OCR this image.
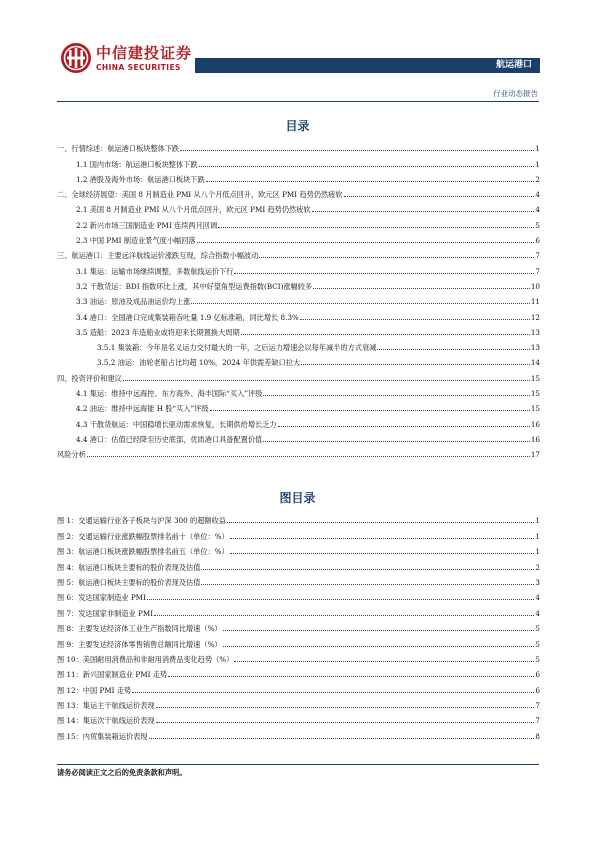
中信建投证券
CHINA SECURITIES	航运港口
行业动态报告
目录
一、行情综述：航运港口板块整体下跌	1
1.1 国内市场：航运港口板块整体下跌	1
1.2 港股及海外市场：航运港口板块下跌	2
二、全球经济展望：美国 8 月制造业 PMI 从八个月低点回升，欧元区 PMI 趋势仍然疲软	4
2.1 美国 8 月制造业 PMI 从八个月低点回升，欧元区 PMI 趋势仍然疲软	4
2.2 新兴市场三国制造业 PMI 连续两月回调	5
2.3 中国 PMI 制造业景气度小幅回落	6
三、航运港口：主要远洋航线运价涨跌互现，综合指数小幅波动	7
3.1 集运：运输市场继续调整，多数航线运价下行	7
3.2 干散货运：BDI 指数环比上涨，其中好望角型运费指数(BCI)涨幅较多	10
3.3 油运：原油及成品油运价均上涨	11
3.4 港口：全国港口完成集装箱吞吐量 1.9 亿标准箱，同比增长 8.3%	12
3.5 造船：2023 年造船业或将迎来长期置换大周期	13
3.5.1 集装箱：今年是名义运力交付最大的一年，之后运力增速会以每年减半的方式衰减	13
3.5.2 油运：油轮老船占比均超 10%，2024 年供需差缺口拉大	14
四、投资评价和建议	15
4.1 集运：维持中远海控、东方海外、海丰国际“买入”评级	15
4.2 油运：维持中远海能 H 股“买入”评级	15
4.3 干散货航运：中国稳增长驱动需求恢复，长期供给增长乏力	16
4.4 港口：估值已经降至历史底部，优质港口具备配置价值	16
风险分析	17
图目录
图 1：交通运输行业各子板块与沪深 300 的超额收益	1
图 2：交通运输行业涨跌幅股票排名前十（单位：%）	1
图 3：航运港口板块涨跌幅股票排名前五（单位：%）	1
图 4：航运港口板块主要标的股价表现及估值	2
图 5：航运港口板块主要标的股价表现及估值	3
图 6：发达国家制造业 PMI	4
图 7：发达国家非制造业 PMI	4
图 8：主要发达经济体工业生产指数同比增速（%）	5
图 9：主要发达经济体零售销售总额同比增速（%）	5
图 10：美国耐用消费品和非耐用消费品变化趋势（%）	5
图 11：新兴国家制造业 PMI 走势	6
图 12：中国 PMI 走势	6
图 13：集运主干航线运价表现	7
图 14：集运次干航线运价表现	7
图 15：内贸集装箱运价表现	8
请务必阅读正文之后的免责条款和声明。
